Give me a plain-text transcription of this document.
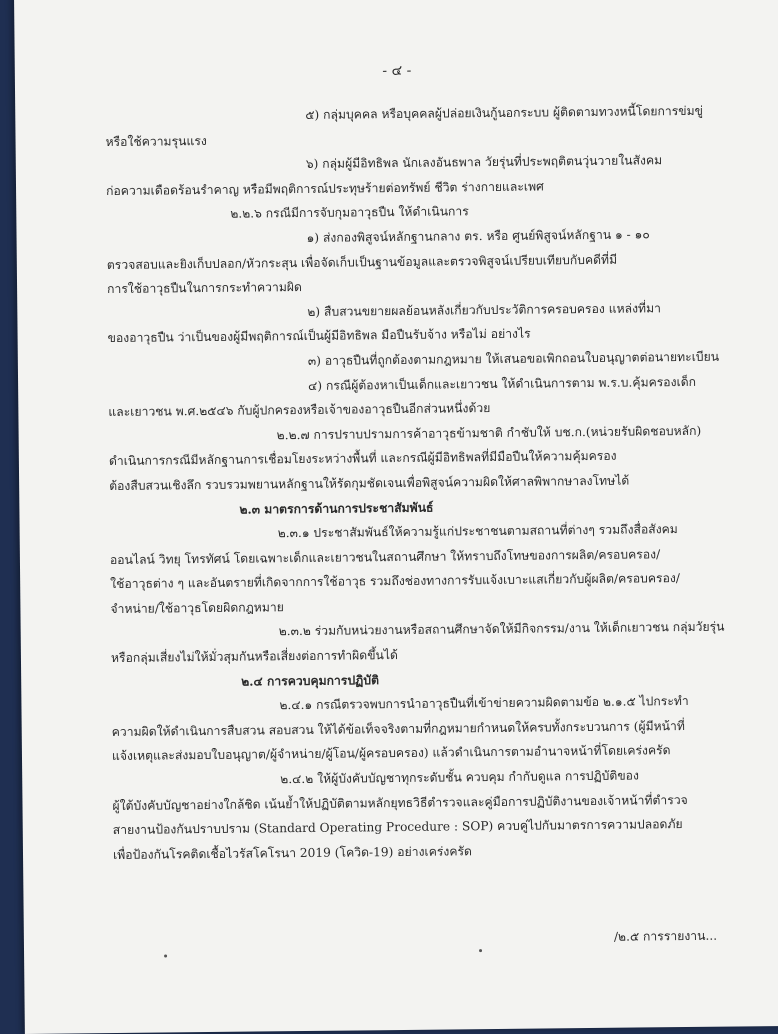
- ๔ -

๕) กลุ่มบุคคล หรือบุคคลผู้ปล่อยเงินกู้นอกระบบ ผู้ติดตามทวงหนี้โดยการข่มขู่

หรือใช้ความรุนแรง

๖) กลุ่มผู้มีอิทธิพล นักเลงอันธพาล วัยรุ่นที่ประพฤติตนวุ่นวายในสังคม

ก่อความเดือดร้อนรำคาญ หรือมีพฤติการณ์ประทุษร้ายต่อทรัพย์ ชีวิต ร่างกายและเพศ

๒.๒.๖ กรณีมีการจับกุมอาวุธปืน ให้ดำเนินการ

๑) ส่งกองพิสูจน์หลักฐานกลาง ตร. หรือ ศูนย์พิสูจน์หลักฐาน ๑ - ๑๐

ตรวจสอบและยิงเก็บปลอก/หัวกระสุน เพื่อจัดเก็บเป็นฐานข้อมูลและตรวจพิสูจน์เปรียบเทียบกับคดีที่มี

การใช้อาวุธปืนในการกระทำความผิด

๒) สืบสวนขยายผลย้อนหลังเกี่ยวกับประวัติการครอบครอง แหล่งที่มา

ของอาวุธปืน ว่าเป็นของผู้มีพฤติการณ์เป็นผู้มีอิทธิพล มือปืนรับจ้าง หรือไม่ อย่างไร

๓) อาวุธปืนที่ถูกต้องตามกฎหมาย ให้เสนอขอเพิกถอนใบอนุญาตต่อนายทะเบียน

๔) กรณีผู้ต้องหาเป็นเด็กและเยาวชน ให้ดำเนินการตาม พ.ร.บ.คุ้มครองเด็ก

และเยาวชน พ.ศ.๒๕๔๖ กับผู้ปกครองหรือเจ้าของอาวุธปืนอีกส่วนหนึ่งด้วย

๒.๒.๗ การปราบปรามการค้าอาวุธข้ามชาติ กำชับให้ บช.ก.(หน่วยรับผิดชอบหลัก)

ดำเนินการกรณีมีหลักฐานการเชื่อมโยงระหว่างพื้นที่ และกรณีผู้มีอิทธิพลที่มีมือปืนให้ความคุ้มครอง

ต้องสืบสวนเชิงลึก รวบรวมพยานหลักฐานให้รัดกุมชัดเจนเพื่อพิสูจน์ความผิดให้ศาลพิพากษาลงโทษได้

๒.๓ มาตรการด้านการประชาสัมพันธ์

๒.๓.๑ ประชาสัมพันธ์ให้ความรู้แก่ประชาชนตามสถานที่ต่างๆ รวมถึงสื่อสังคม

ออนไลน์ วิทยุ โทรทัศน์ โดยเฉพาะเด็กและเยาวชนในสถานศึกษา ให้ทราบถึงโทษของการผลิต/ครอบครอง/

ใช้อาวุธต่าง ๆ และอันตรายที่เกิดจากการใช้อาวุธ รวมถึงช่องทางการรับแจ้งเบาะแสเกี่ยวกับผู้ผลิต/ครอบครอง/

จำหน่าย/ใช้อาวุธโดยผิดกฎหมาย

๒.๓.๒ ร่วมกับหน่วยงานหรือสถานศึกษาจัดให้มีกิจกรรม/งาน ให้เด็กเยาวชน กลุ่มวัยรุ่น

หรือกลุ่มเสี่ยงไม่ให้มั่วสุมกันหรือเสี่ยงต่อการทำผิดขึ้นได้

๒.๔ การควบคุมการปฏิบัติ

๒.๔.๑ กรณีตรวจพบการนำอาวุธปืนที่เข้าข่ายความผิดตามข้อ ๒.๑.๕ ไปกระทำ

ความผิดให้ดำเนินการสืบสวน สอบสวน ให้ได้ข้อเท็จจริงตามที่กฎหมายกำหนดให้ครบทั้งกระบวนการ (ผู้มีหน้าที่

แจ้งเหตุและส่งมอบใบอนุญาต/ผู้จำหน่าย/ผู้โอน/ผู้ครอบครอง) แล้วดำเนินการตามอำนาจหน้าที่โดยเคร่งครัด

๒.๔.๒ ให้ผู้บังคับบัญชาทุกระดับชั้น ควบคุม กำกับดูแล การปฏิบัติของ

ผู้ใต้บังคับบัญชาอย่างใกล้ชิด เน้นย้ำให้ปฏิบัติตามหลักยุทธวิธีตำรวจและคู่มือการปฏิบัติงานของเจ้าหน้าที่ตำรวจ

สายงานป้องกันปราบปราม (Standard Operating Procedure : SOP) ควบคู่ไปกับมาตรการความปลอดภัย

เพื่อป้องกันโรคติดเชื้อไวรัสโคโรนา 2019 (โควิด-19) อย่างเคร่งครัด

/๒.๕ การรายงาน...
